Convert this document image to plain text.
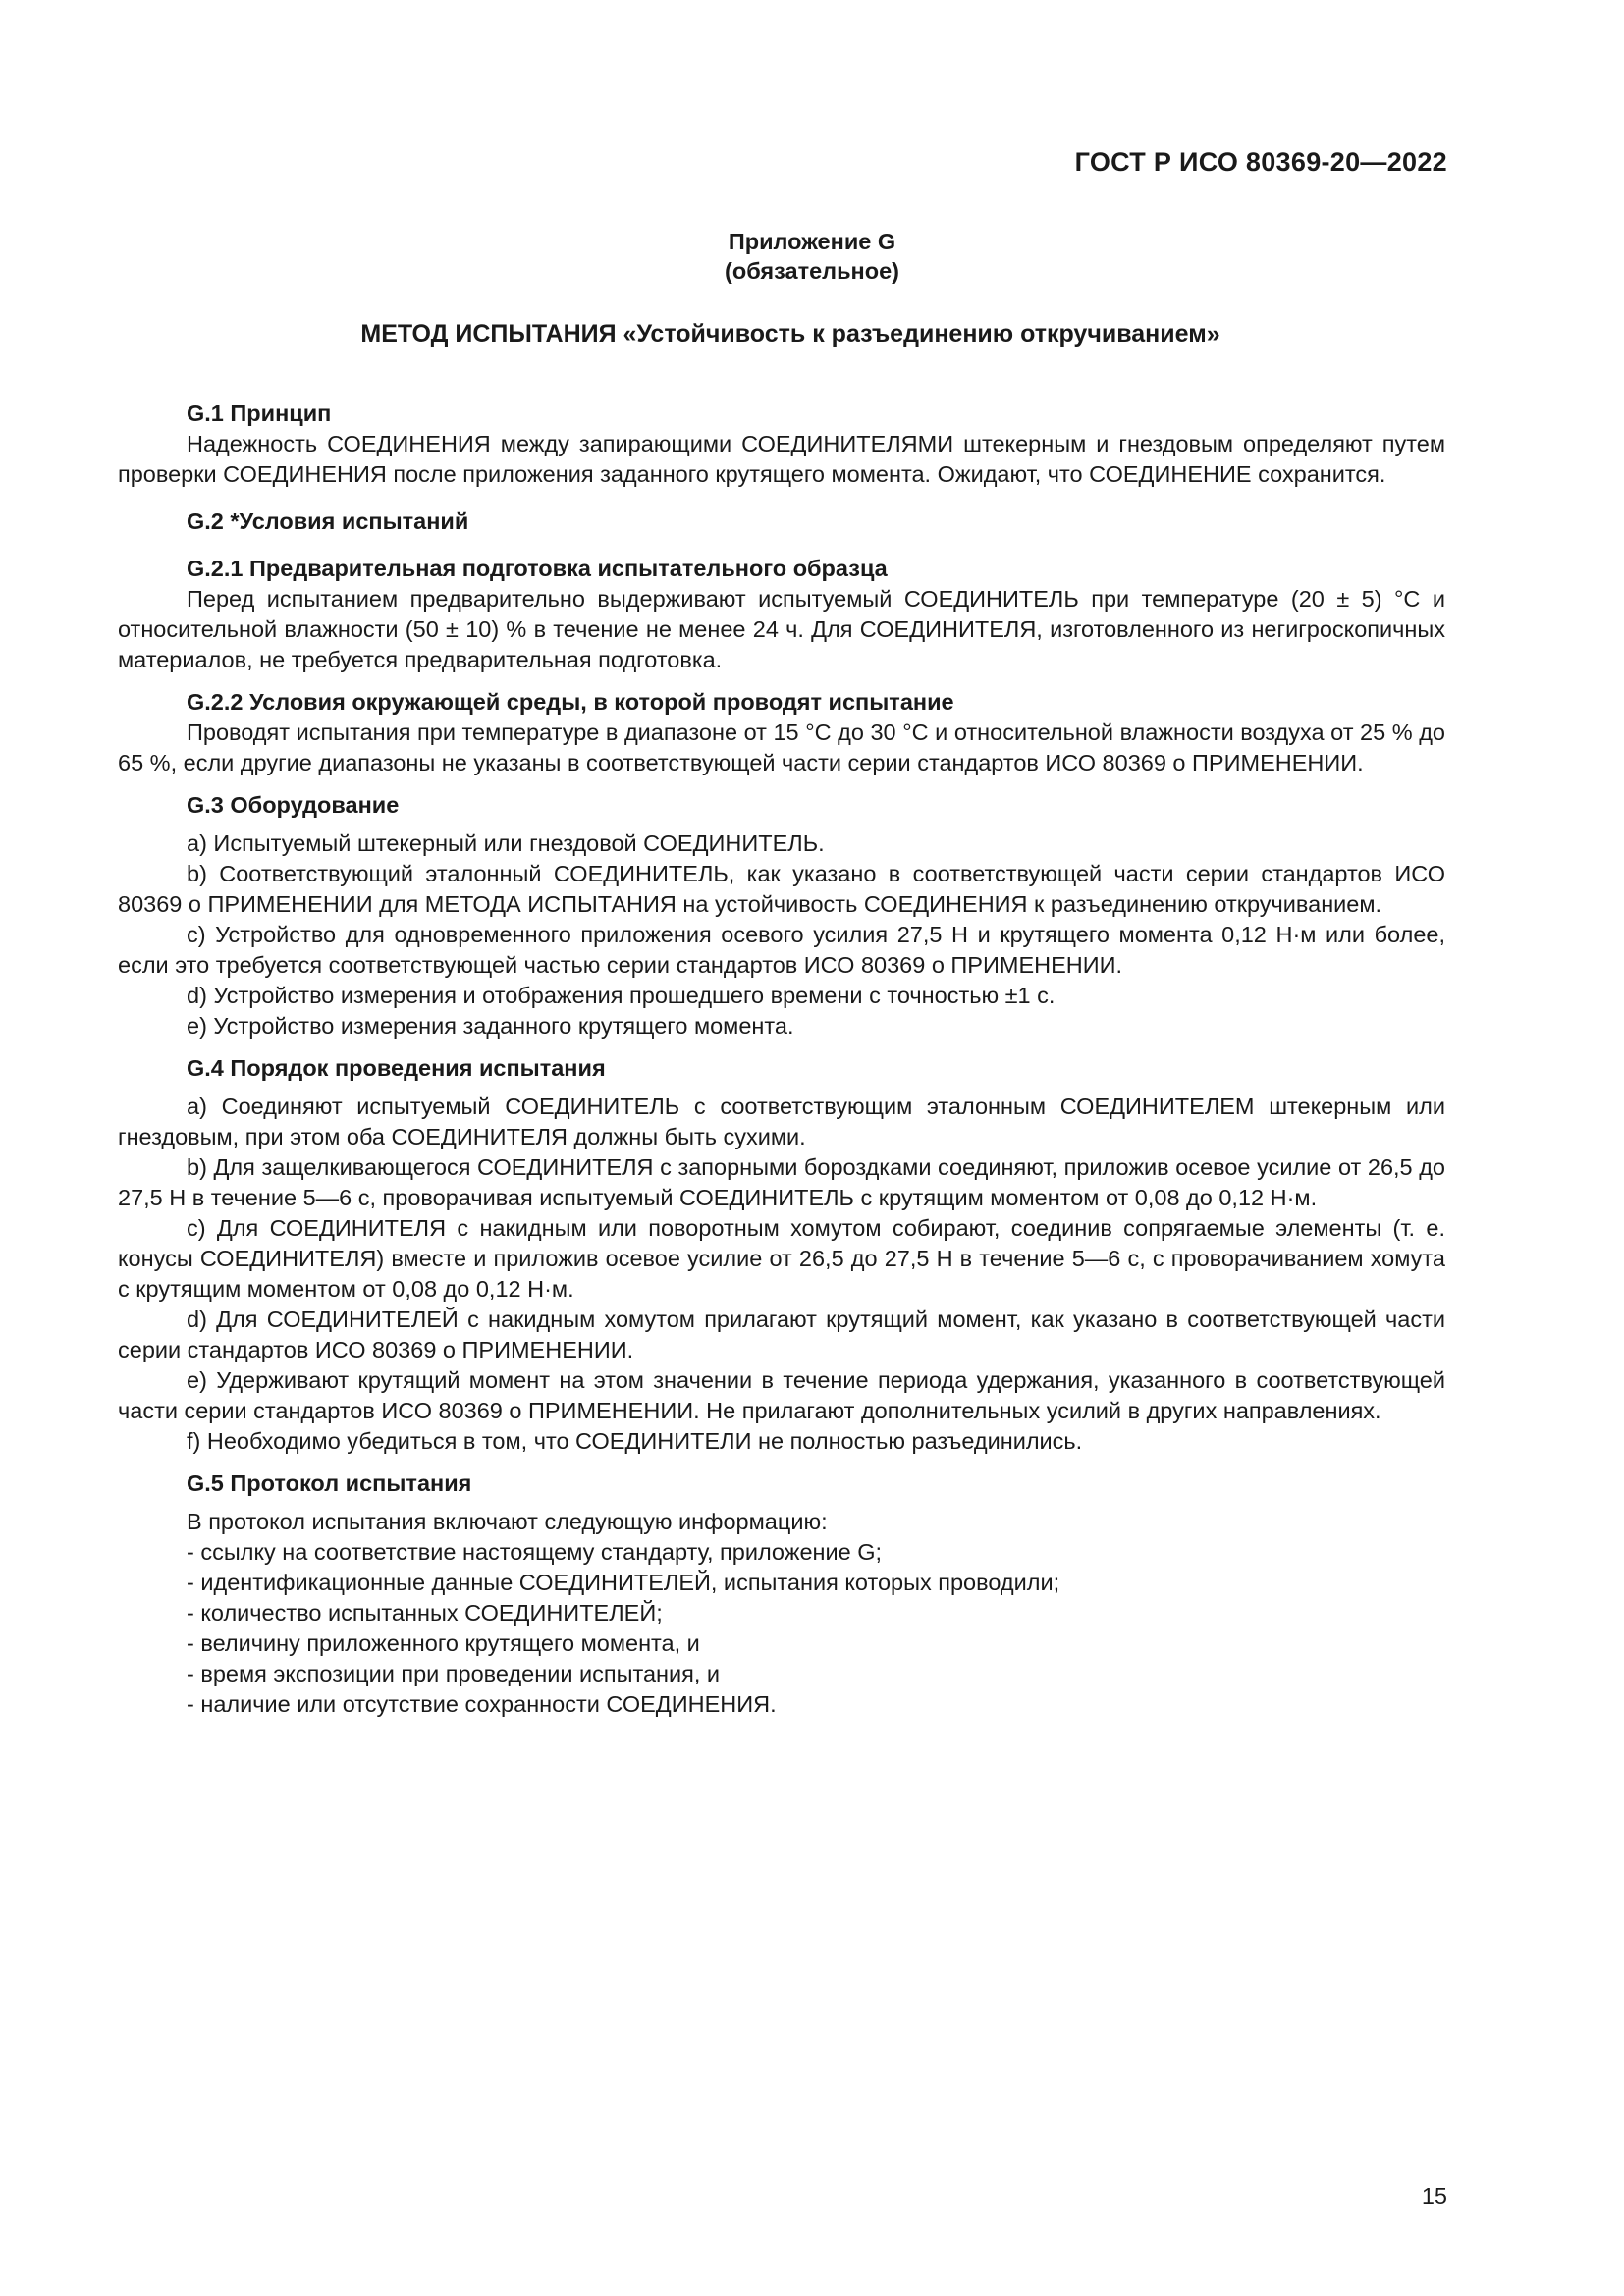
ГОСТ Р ИСО 80369-20—2022
Приложение G
(обязательное)
МЕТОД ИСПЫТАНИЯ «Устойчивость к разъединению откручиванием»

G.1 Принцип

Надежность СОЕДИНЕНИЯ между запирающими СОЕДИНИТЕЛЯМИ штекерным и гнездовым определяют путем проверки СОЕДИНЕНИЯ после приложения заданного крутящего момента. Ожидают, что СОЕДИНЕНИЕ сохранится.

G.2 *Условия испытаний

G.2.1 Предварительная подготовка испытательного образца

Перед испытанием предварительно выдерживают испытуемый СОЕДИНИТЕЛЬ при температуре (20 ± 5) °С и относительной влажности (50 ± 10) % в течение не менее 24 ч. Для СОЕДИНИТЕЛЯ, изготовленного из негигроскопичных материалов, не требуется предварительная подготовка.

G.2.2 Условия окружающей среды, в которой проводят испытание

Проводят испытания при температуре в диапазоне от 15 °С до 30 °С и относительной влажности воздуха от 25 % до 65 %, если другие диапазоны не указаны в соответствующей части серии стандартов ИСО 80369 о ПРИМЕНЕНИИ.

G.3 Оборудование

a) Испытуемый штекерный или гнездовой СОЕДИНИТЕЛЬ.

b) Соответствующий эталонный СОЕДИНИТЕЛЬ, как указано в соответствующей части серии стандартов ИСО 80369 о ПРИМЕНЕНИИ для МЕТОДА ИСПЫТАНИЯ на устойчивость СОЕДИНЕНИЯ к разъединению откручиванием.

c) Устройство для одновременного приложения осевого усилия 27,5 Н и крутящего момента 0,12 Н·м или более, если это требуется соответствующей частью серии стандартов ИСО 80369 о ПРИМЕНЕНИИ.

d) Устройство измерения и отображения прошедшего времени с точностью ±1 с.

e) Устройство измерения заданного крутящего момента.

G.4 Порядок проведения испытания

a) Соединяют испытуемый СОЕДИНИТЕЛЬ с соответствующим эталонным СОЕДИНИТЕЛЕМ штекерным или гнездовым, при этом оба СОЕДИНИТЕЛЯ должны быть сухими.

b) Для защелкивающегося СОЕДИНИТЕЛЯ с запорными бороздками соединяют, приложив осевое усилие от 26,5 до 27,5 Н в течение 5—6 с, проворачивая испытуемый СОЕДИНИТЕЛЬ с крутящим моментом от 0,08 до 0,12 Н·м.

c) Для СОЕДИНИТЕЛЯ с накидным или поворотным хомутом собирают, соединив сопрягаемые элементы (т. е. конусы СОЕДИНИТЕЛЯ) вместе и приложив осевое усилие от 26,5 до 27,5 Н в течение 5—6 с, с проворачиванием хомута с крутящим моментом от 0,08 до 0,12 Н·м.

d) Для СОЕДИНИТЕЛЕЙ с накидным хомутом прилагают крутящий момент, как указано в соответствующей части серии стандартов ИСО 80369 о ПРИМЕНЕНИИ.

e) Удерживают крутящий момент на этом значении в течение периода удержания, указанного в соответствующей части серии стандартов ИСО 80369 о ПРИМЕНЕНИИ. Не прилагают дополнительных усилий в других направлениях.

f) Необходимо убедиться в том, что СОЕДИНИТЕЛИ не полностью разъединились.

G.5 Протокол испытания

В протокол испытания включают следующую информацию:

- ссылку на соответствие настоящему стандарту, приложение G;

- идентификационные данные СОЕДИНИТЕЛЕЙ, испытания которых проводили;

- количество испытанных СОЕДИНИТЕЛЕЙ;

- величину приложенного крутящего момента, и

- время экспозиции при проведении испытания, и

- наличие или отсутствие сохранности СОЕДИНЕНИЯ.

15
